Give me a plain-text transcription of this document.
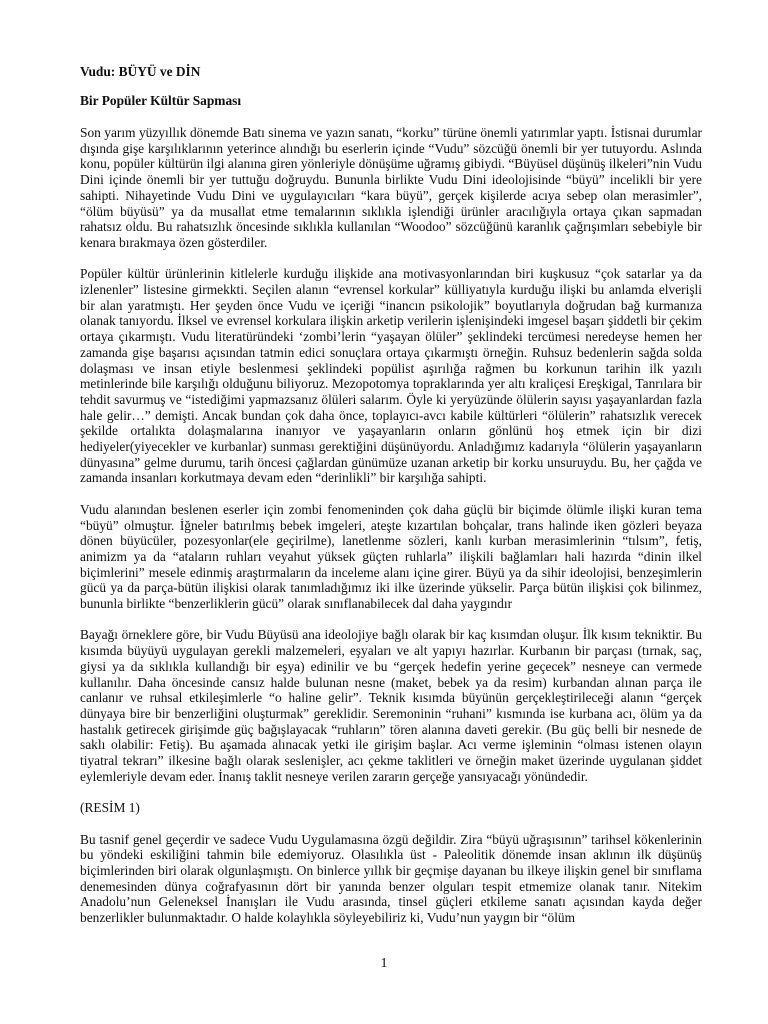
Vudu: BÜYÜ ve DİN
Bir Popüler Kültür Sapması

Son yarım yüzyıllık dönemde Batı sinema ve yazın sanatı, “korku” türüne önemli yatırımlar yaptı. İstisnai durumlar dışında gişe karşılıklarının yeterince alındığı bu eserlerin içinde “Vudu” sözcüğü önemli bir yer tutuyordu. Aslında konu, popüler kültürün ilgi alanına giren yönleriyle dönüşüme uğramış gibiydi. “Büyüsel düşünüş ilkeleri”nin Vudu Dini içinde önemli bir yer tuttuğu doğruydu. Bununla birlikte Vudu Dini ideolojisinde “büyü” incelikli bir yere sahipti. Nihayetinde Vudu Dini ve uygulayıcıları “kara büyü”, gerçek kişilerde acıya sebep olan merasimler”, “ölüm büyüsü” ya da musallat etme temalarının sıklıkla işlendiği ürünler aracılığıyla ortaya çıkan sapmadan rahatsız oldu. Bu rahatsızlık öncesinde sıklıkla kullanılan “Woodoo” sözcüğünü karanlık çağrışımları sebebiyle bir kenara bırakmaya özen gösterdiler.

Popüler kültür ürünlerinin kitlelerle kurduğu ilişkide ana motivasyonlarından biri kuşkusuz “çok satarlar ya da izlenenler” listesine girmekkti. Seçilen alanın “evrensel korkular” külliyatıyla kurduğu ilişki bu anlamda elverişli bir alan yaratmıştı. Her şeyden önce Vudu ve içeriği “inancın psikolojik” boyutlarıyla doğrudan bağ kurmanıza olanak tanıyordu. İlksel ve evrensel korkulara ilişkin arketip verilerin işlenişindeki imgesel başarı şiddetli bir çekim ortaya çıkarmıştı. Vudu literatüründeki ‘zombi’lerin “yaşayan ölüler” şeklindeki tercümesi neredeyse hemen her zamanda gişe başarısı açısından tatmin edici sonuçlara ortaya çıkarmıştı örneğin. Ruhsuz bedenlerin sağda solda dolaşması ve insan etiyle beslenmesi şeklindeki popülist aşırılığa rağmen bu korkunun tarihin ilk yazılı metinlerinde bile karşılığı olduğunu biliyoruz. Mezopotomya topraklarında yer altı kraliçesi Ereşkigal, Tanrılara bir tehdit savurmuş ve “istediğimi yapmazsanız ölüleri salarım. Öyle ki yeryüzünde ölülerin sayısı yaşayanlardan fazla hale gelir…” demişti. Ancak bundan çok daha önce, toplayıcı-avcı kabile kültürleri “ölülerin” rahatsızlık verecek şekilde ortalıkta dolaşmalarına inanıyor ve yaşayanların onların gönlünü hoş etmek için bir dizi hediyeler(yiyecekler ve kurbanlar) sunması gerektiğini düşünüyordu. Anladığımız kadarıyla “ölülerin yaşayanların dünyasına” gelme durumu, tarih öncesi çağlardan günümüze uzanan arketip bir korku unsuruydu. Bu, her çağda ve zamanda insanları korkutmaya devam eden “derinlikli” bir karşılığa sahipti.

Vudu alanından beslenen eserler için zombi fenomeninden çok daha güçlü bir biçimde ölümle ilişki kuran tema “büyü” olmuştur. İğneler batırılmış bebek imgeleri, ateşte kızartılan bohçalar, trans halinde iken gözleri beyaza dönen büyücüler, pozesyonlar(ele geçirilme), lanetlenme sözleri, kanlı kurban merasimlerinin “tılsım”, fetiş, animizm ya da “ataların ruhları veyahut yüksek güçten ruhlarla” ilişkili bağlamları hali hazırda “dinin ilkel biçimlerini” mesele edinmiş araştırmaların da inceleme alanı içine girer. Büyü ya da sihir ideolojisi, benzeşimlerin gücü ya da parça-bütün ilişkisi olarak tanımladığımız iki ilke üzerinde yükselir. Parça bütün ilişkisi çok bilinmez, bununla birlikte “benzerliklerin gücü” olarak sınıflanabilecek dal daha yaygındır

Bayağı örneklere göre, bir Vudu Büyüsü ana ideolojiye bağlı olarak bir kaç kısımdan oluşur. İlk kısım tekniktir. Bu kısımda büyüyü uygulayan gerekli malzemeleri, eşyaları ve alt yapıyı hazırlar. Kurbanın bir parçası (tırnak, saç, giysi ya da sıklıkla kullandığı bir eşya) edinilir ve bu “gerçek hedefin yerine geçecek” nesneye can vermede kullanılır. Daha öncesinde cansız halde bulunan nesne (maket, bebek ya da resim) kurbandan alınan parça ile canlanır ve ruhsal etkileşimlerle “o haline gelir”. Teknik kısımda büyünün gerçekleştirileceği alanın “gerçek dünyaya bire bir benzerliğini oluşturmak” gereklidir. Seremoninin “ruhani” kısmında ise kurbana acı, ölüm ya da hastalık getirecek girişimde güç bağışlayacak “ruhların” tören alanına daveti gerekir. (Bu güç belli bir nesnede de saklı olabilir: Fetiş). Bu aşamada alınacak yetki ile girişim başlar. Acı verme işleminin “olması istenen olayın tiyatral tekrarı” ilkesine bağlı olarak seslenişler, acı çekme taklitleri ve örneğin maket üzerinde uygulanan şiddet eylemleriyle devam eder. İnanış taklit nesneye verilen zararın gerçeğe yansıyacağı yönündedir.

(RESİM 1)

Bu tasnif genel geçerdir ve sadece Vudu Uygulamasına özgü değildir. Zira “büyü uğraşısının” tarihsel kökenlerinin bu yöndeki eskiliğini tahmin bile edemiyoruz. Olasılıkla üst - Paleolitik dönemde insan aklının ilk düşünüş biçimlerinden biri olarak olgunlaşmıştı. On binlerce yıllık bir geçmişe dayanan bu ilkeye ilişkin genel bir sınıflama denemesinden dünya coğrafyasının dört bir yanında benzer olguları tespit etmemize olanak tanır. Nitekim Anadolu’nun Geleneksel İnanışları ile Vudu arasında, tinsel güçleri etkileme sanatı açısından kayda değer benzerlikler bulunmaktadır. O halde kolaylıkla söyleyebiliriz ki, Vudu’nun yaygın bir “ölüm

1
